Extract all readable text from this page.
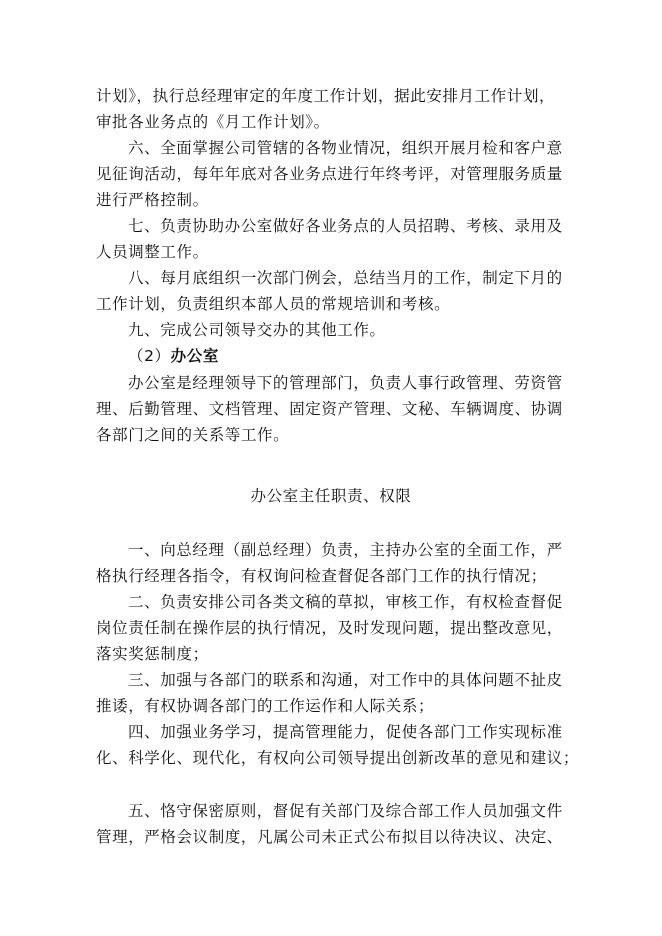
计划》，执行总经理审定的年度工作计划，据此安排月工作计划，
审批各业务点的《月工作计划》。
六、全面掌握公司管辖的各物业情况，组织开展月检和客户意
见征询活动，每年年底对各业务点进行年终考评，对管理服务质量
进行严格控制。
七、负责协助办公室做好各业务点的人员招聘、考核、录用及
人员调整工作。
八、每月底组织一次部门例会，总结当月的工作，制定下月的
工作计划，负责组织本部人员的常规培训和考核。
九、完成公司领导交办的其他工作。
（2）办公室
办公室是经理领导下的管理部门，负责人事行政管理、劳资管
理、后勤管理、文档管理、固定资产管理、文秘、车辆调度、协调
各部门之间的关系等工作。
办公室主任职责、权限
一、向总经理（副总经理）负责，主持办公室的全面工作，严
格执行经理各指令，有权询问检查督促各部门工作的执行情况；
二、负责安排公司各类文稿的草拟，审核工作，有权检查督促
岗位责任制在操作层的执行情况，及时发现问题，提出整改意见，
落实奖惩制度；
三、加强与各部门的联系和沟通，对工作中的具体问题不扯皮
推诿，有权协调各部门的工作运作和人际关系；
四、加强业务学习，提高管理能力，促使各部门工作实现标准
化、科学化、现代化，有权向公司领导提出创新改革的意见和建议；
五、恪守保密原则，督促有关部门及综合部工作人员加强文件
管理，严格会议制度，凡属公司未正式公布拟目以待决议、决定、
